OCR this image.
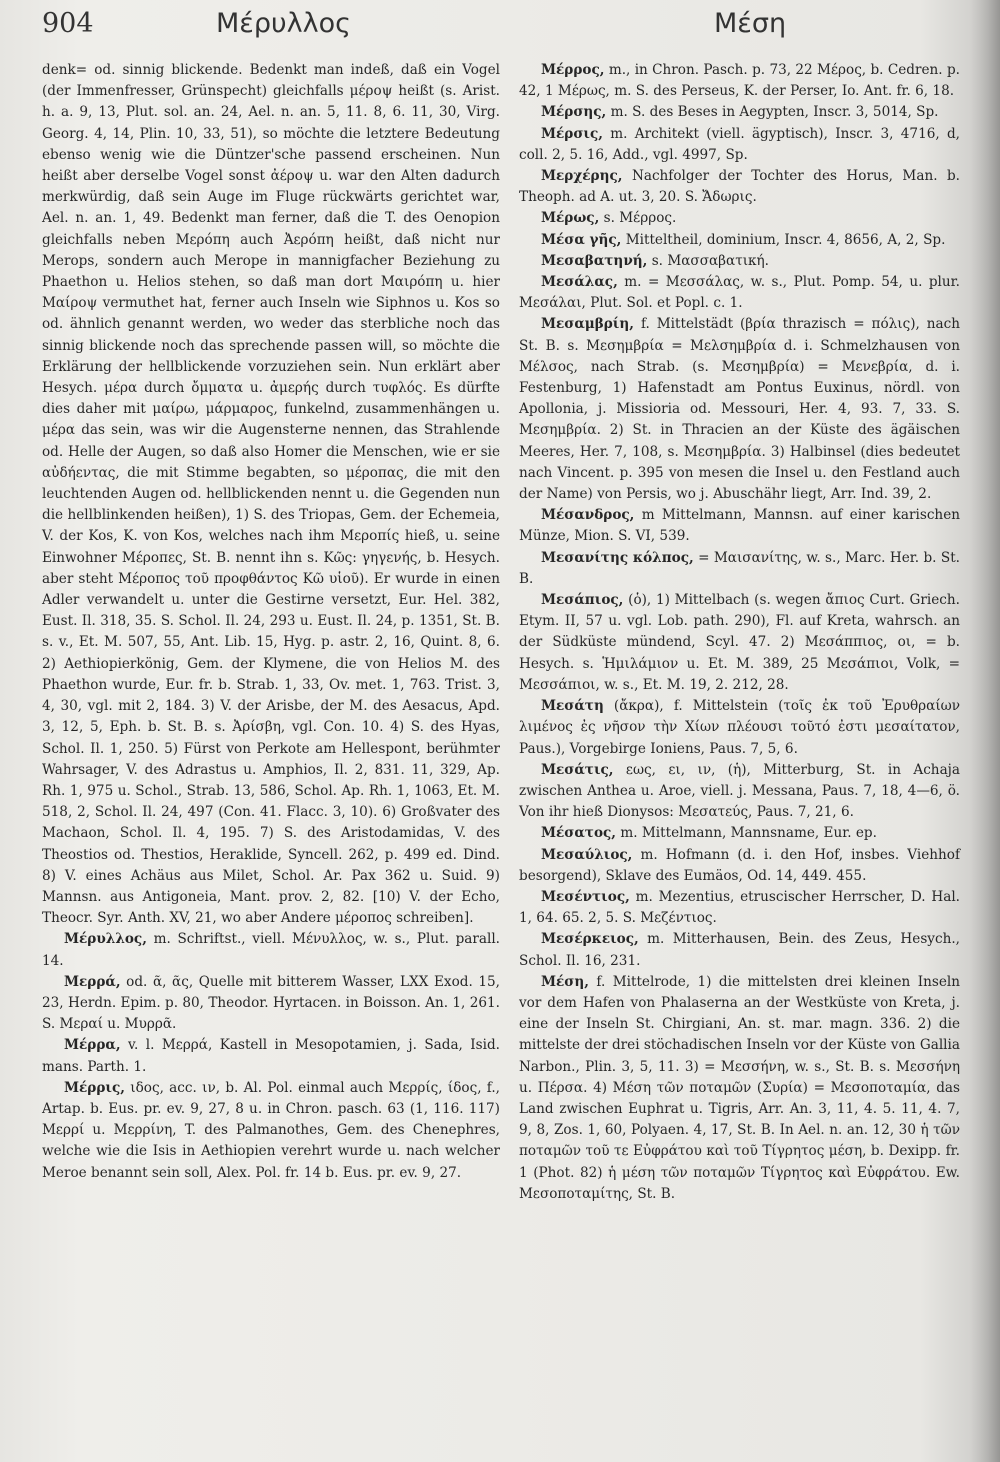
904	Μέρυλλος	Μέση

denk= od. sinnig blickende. Bedenkt man indeß, daß ein Vogel (der Immenfresser, Grünspecht) gleichfalls μέροψ heißt (s. Arist. h. a. 9, 13, Plut. sol. an. 24, Ael. n. an. 5, 11. 8, 6. 11, 30, Virg. Georg. 4, 14, Plin. 10, 33, 51), so möchte die letztere Bedeutung ebenso wenig wie die Düntzer'sche passend erscheinen. Nun heißt aber derselbe Vogel sonst ἀέροψ u. war den Alten dadurch merkwürdig, daß sein Auge im Fluge rückwärts gerichtet war, Ael. n. an. 1, 49. Bedenkt man ferner, daß die T. des Oenopion gleichfalls neben Μερόπη auch Ἀερόπη heißt, daß nicht nur Merops, sondern auch Merope in mannigfacher Beziehung zu Phaethon u. Helios stehen, so daß man dort Μαιρόπη u. hier Μαίροψ vermuthet hat, ferner auch Inseln wie Siphnos u. Kos so od. ähnlich genannt werden, wo weder das sterbliche noch das sinnig blickende noch das sprechende passen will, so möchte die Erklärung der hellblickende vorzuziehen sein. Nun erklärt aber Hesych. μέρα durch ὄμματα u. ἀμερής durch τυφλός. Es dürfte dies daher mit μαίρω, μάρμαρος, funkelnd, zusammenhängen u. μέρα das sein, was wir die Augensterne nennen, das Strahlende od. Helle der Augen, so daß also Homer die Menschen, wie er sie αὐδήεντας, die mit Stimme begabten, so μέροπας, die mit den leuchtenden Augen od. hellblickenden nennt u. die Gegenden nun die hellblinkenden heißen), 1) S. des Triopas, Gem. der Echemeia, V. der Kos, K. von Kos, welches nach ihm Μεροπίς hieß, u. seine Einwohner Μέροπες, St. B. nennt ihn s. Κῶς: γηγενής, b. Hesych. aber steht Μέροπος τοῦ προφθάντος Κῶ υἱοῦ). Er wurde in einen Adler verwandelt u. unter die Gestirne versetzt, Eur. Hel. 382, Eust. Il. 318, 35. S. Schol. Il. 24, 293 u. Eust. Il. 24, p. 1351, St. B. s. v., Et. M. 507, 55, Ant. Lib. 15, Hyg. p. astr. 2, 16, Quint. 8, 6. 2) Aethiopierkönig, Gem. der Klymene, die von Helios M. des Phaethon wurde, Eur. fr. b. Strab. 1, 33, Ov. met. 1, 763. Trist. 3, 4, 30, vgl. mit 2, 184. 3) V. der Arisbe, der M. des Aesacus, Apd. 3, 12, 5, Eph. b. St. B. s. Ἀρίσβη, vgl. Con. 10. 4) S. des Hyas, Schol. Il. 1, 250. 5) Fürst von Perkote am Hellespont, berühmter Wahrsager, V. des Adrastus u. Amphios, Il. 2, 831. 11, 329, Ap. Rh. 1, 975 u. Schol., Strab. 13, 586, Schol. Ap. Rh. 1, 1063, Et. M. 518, 2, Schol. Il. 24, 497 (Con. 41. Flacc. 3, 10). 6) Großvater des Machaon, Schol. Il. 4, 195. 7) S. des Aristodamidas, V. des Theostios od. Thestios, Heraklide, Syncell. 262, p. 499 ed. Dind. 8) V. eines Achäus aus Milet, Schol. Ar. Pax 362 u. Suid. 9) Mannsn. aus Antigoneia, Mant. prov. 2, 82. [10) V. der Echo, Theocr. Syr. Anth. XV, 21, wo aber Andere μέροπος schreiben].

Μέρυλλος, m. Schriftst., viell. Μένυλλος, w. s., Plut. parall. 14.

Μερρά, od. ᾶ, ᾶς, Quelle mit bitterem Wasser, LXX Exod. 15, 23, Herdn. Epim. p. 80, Theodor. Hyrtacen. in Boisson. An. 1, 261. S. Μεραί u. Μυρρᾶ.

Μέρρα, v. l. Μερρά, Kastell in Mesopotamien, j. Sada, Isid. mans. Parth. 1.

Μέρρις, ιδος, acc. ιν, b. Al. Pol. einmal auch Μερρίς, ίδος, f., Artap. b. Eus. pr. ev. 9, 27, 8 u. in Chron. pasch. 63 (1, 116. 117) Μερρί u. Μερρίνη, T. des Palmanothes, Gem. des Chenephres, welche wie die Isis in Aethiopien verehrt wurde u. nach welcher Meroe benannt sein soll, Alex. Pol. fr. 14 b. Eus. pr. ev. 9, 27.

Μέρρος, m., in Chron. Pasch. p. 73, 22 Μέρος, b. Cedren. p. 42, 1 Μέρως, m. S. des Perseus, K. der Perser, Io. Ant. fr. 6, 18.

Μέρσης, m. S. des Beses in Aegypten, Inscr. 3, 5014, Sp.

Μέρσις, m. Architekt (viell. ägyptisch), Inscr. 3, 4716, d, coll. 2, 5. 16, Add., vgl. 4997, Sp.

Μερχέρης, Nachfolger der Tochter des Horus, Man. b. Theoph. ad A. ut. 3, 20. S. Ἄδωρις.

Μέρως, s. Μέρρος.

Μέσα γῆς, Mitteltheil, dominium, Inscr. 4, 8656, A, 2, Sp.

Μεσαβατηνή, s. Μασσαβατική.

Μεσάλας, m. = Μεσσάλας, w. s., Plut. Pomp. 54, u. plur. Μεσάλαι, Plut. Sol. et Popl. c. 1.

Μεσαμβρίη, f. Mittelstädt (βρία thrazisch = πόλις), nach St. B. s. Μεσημβρία = Μελσημβρία d. i. Schmelzhausen von Μέλσος, nach Strab. (s. Μεσημβρία) = Μενεβρία, d. i. Festenburg, 1) Hafenstadt am Pontus Euxinus, nördl. von Apollonia, j. Missioria od. Messouri, Her. 4, 93. 7, 33. S. Μεσημβρία. 2) St. in Thracien an der Küste des ägäischen Meeres, Her. 7, 108, s. Μεσημβρία. 3) Halbinsel (dies bedeutet nach Vincent. p. 395 von mesen die Insel u. den Festland auch der Name) von Persis, wo j. Abuschähr liegt, Arr. Ind. 39, 2.

Μέσανδρος, m Mittelmann, Mannsn. auf einer karischen Münze, Mion. S. VI, 539.

Μεσανίτης κόλπος, = Μαισανίτης, w. s., Marc. Her. b. St. B.

Μεσάπιος, (ὁ), 1) Mittelbach (s. wegen ἄπιος Curt. Griech. Etym. II, 57 u. vgl. Lob. path. 290), Fl. auf Kreta, wahrsch. an der Südküste mündend, Scyl. 47. 2) Μεσάππιος, οι, = b. Hesych. s. Ἡμιλάμιον u. Et. M. 389, 25 Μεσάπιοι, Volk, = Μεσσάπιοι, w. s., Et. M. 19, 2. 212, 28.

Μεσάτη (ἄκρα), f. Mittelstein (τοῖς ἐκ τοῦ Ἐρυθραίων λιμένος ἐς νῆσον τὴν Χίων πλέουσι τοῦτό ἐστι μεσαίτατον, Paus.), Vorgebirge Ioniens, Paus. 7, 5, 6.

Μεσάτις, εως, ει, ιν, (ἡ), Mitterburg, St. in Achaja zwischen Anthea u. Aroe, viell. j. Messana, Paus. 7, 18, 4—6, ö. Von ihr hieß Dionysos: Μεσατεύς, Paus. 7, 21, 6.

Μέσατος, m. Mittelmann, Mannsname, Eur. ep.

Μεσαύλιος, m. Hofmann (d. i. den Hof, insbes. Viehhof besorgend), Sklave des Eumäos, Od. 14, 449. 455.

Μεσέντιος, m. Mezentius, etruscischer Herrscher, D. Hal. 1, 64. 65. 2, 5. S. Μεζέντιος.

Μεσέρκειος, m. Mitterhausen, Bein. des Zeus, Hesych., Schol. Il. 16, 231.

Μέση, f. Mittelrode, 1) die mittelsten drei kleinen Inseln vor dem Hafen von Phalaserna an der Westküste von Kreta, j. eine der Inseln St. Chirgiani, An. st. mar. magn. 336. 2) die mittelste der drei stöchadischen Inseln vor der Küste von Gallia Narbon., Plin. 3, 5, 11. 3) = Μεσσήνη, w. s., St. B. s. Μεσσήνη u. Πέρσα. 4) Μέση τῶν ποταμῶν (Συρία) = Μεσοποταμία, das Land zwischen Euphrat u. Tigris, Arr. An. 3, 11, 4. 5. 11, 4. 7, 9, 8, Zos. 1, 60, Polyaen. 4, 17, St. B. In Ael. n. an. 12, 30 ἡ τῶν ποταμῶν τοῦ τε Εὐφράτου καὶ τοῦ Τίγρητος μέση, b. Dexipp. fr. 1 (Phot. 82) ἡ μέση τῶν ποταμῶν Τίγρητος καὶ Εὐφράτου. Ew. Μεσοποταμίτης, St. B.
